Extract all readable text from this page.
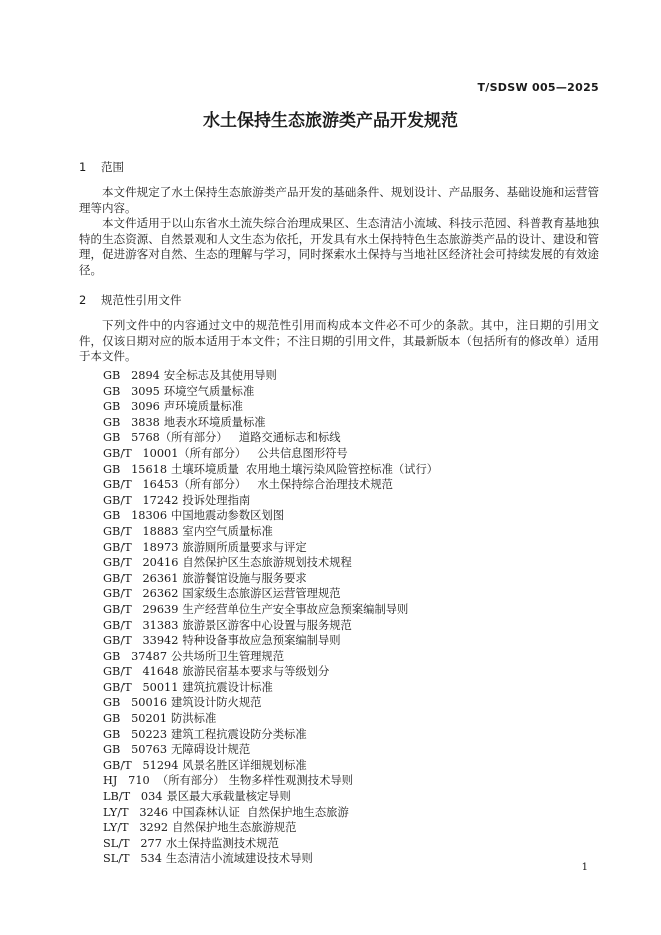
T/SDSW 005—2025
水土保持生态旅游类产品开发规范
1 范围

本文件规定了水土保持生态旅游类产品开发的基础条件、规划设计、产品服务、基础设施和运营管理等内容。

本文件适用于以山东省水土流失综合治理成果区、生态清洁小流域、科技示范园、科普教育基地独特的生态资源、自然景观和人文生态为依托，开发具有水土保持特色生态旅游类产品的设计、建设和管理，促进游客对自然、生态的理解与学习，同时探索水土保持与当地社区经济社会可持续发展的有效途径。

2 规范性引用文件

下列文件中的内容通过文中的规范性引用而构成本文件必不可少的条款。其中，注日期的引用文件，仅该日期对应的版本适用于本文件；不注日期的引用文件，其最新版本（包括所有的修改单）适用于本文件。

GB   2894 安全标志及其使用导则
GB   3095 环境空气质量标准
GB   3096 声环境质量标准
GB   3838 地表水环境质量标准
GB   5768（所有部分）  道路交通标志和标线
GB/T   10001（所有部分）  公共信息图形符号
GB   15618 土壤环境质量  农用地土壤污染风险管控标准（试行）
GB/T   16453（所有部分）  水土保持综合治理技术规范
GB/T   17242 投诉处理指南
GB   18306 中国地震动参数区划图
GB/T   18883 室内空气质量标准
GB/T   18973 旅游厕所质量要求与评定
GB/T   20416 自然保护区生态旅游规划技术规程
GB/T   26361 旅游餐馆设施与服务要求
GB/T   26362 国家级生态旅游区运营管理规范
GB/T   29639 生产经营单位生产安全事故应急预案编制导则
GB/T   31383 旅游景区游客中心设置与服务规范
GB/T   33942 特种设备事故应急预案编制导则
GB   37487 公共场所卫生管理规范
GB/T   41648 旅游民宿基本要求与等级划分
GB/T   50011 建筑抗震设计标准
GB   50016 建筑设计防火规范
GB   50201 防洪标准
GB   50223 建筑工程抗震设防分类标准
GB   50763 无障碍设计规范
GB/T   51294 风景名胜区详细规划标准
HJ   710  （所有部分） 生物多样性观测技术导则
LB/T   034 景区最大承载量核定导则
LY/T   3246 中国森林认证  自然保护地生态旅游
LY/T   3292 自然保护地生态旅游规范
SL/T   277 水土保持监测技术规范
SL/T   534 生态清洁小流域建设技术导则
1
